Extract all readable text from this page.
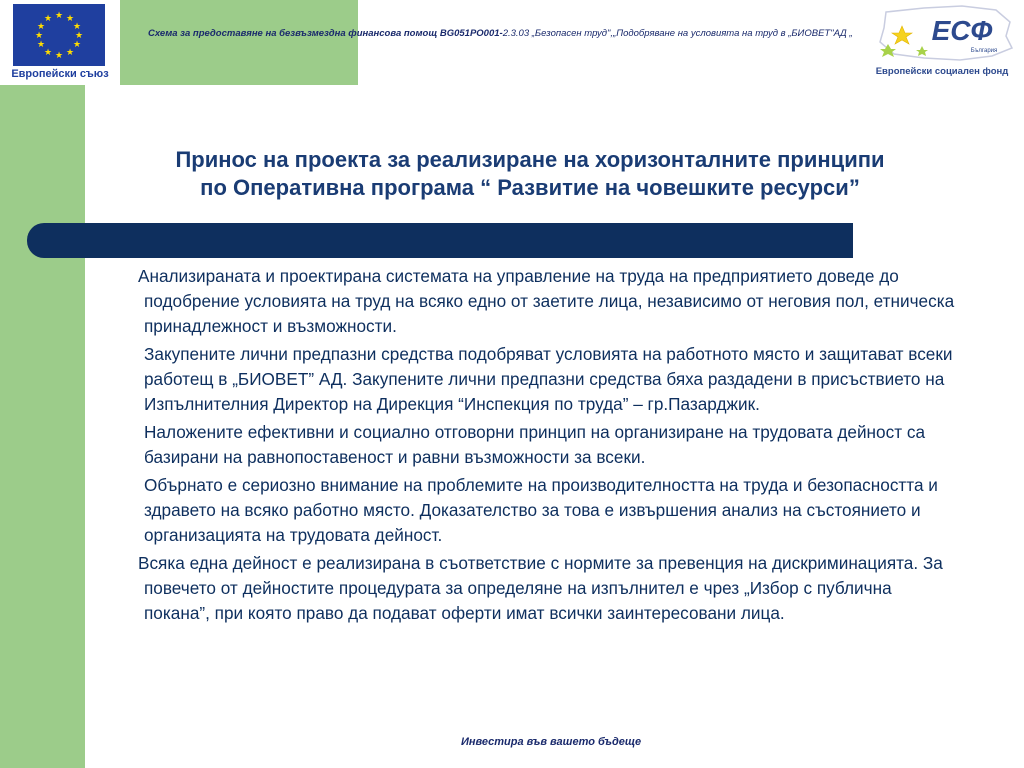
★ ★
★
★
★
★
★
★
★
★
★
★
Европейски съюз
Схема за предоставяне на безвъзмездна финансова помощ BG051PO001-2.3.03 „Безопасен труд",„Подобряване на условията на труд в „БИОВЕТ"АД „	ЕСФ
България
Европейски социален фонд
Принос на проекта за реализиране на хоризонталните принципи
по Оперативна програма “ Развитие на човешките ресурси”

Анализираната и проектирана системата на управление на труда на предприятието доведе до подобрение условията на труд на всяко едно от заетите лица, независимо от неговия пол, етническа принадлежност и възможности.

Закупените лични предпазни средства подобряват условията на работното място и защитават всеки работещ в „БИОВЕТ” АД. Закупените лични предпазни средства бяха раздадени в присъствието на Изпълнителния Директор на Дирекция “Инспекция по труда” – гр.Пазарджик.

Наложените ефективни и социално отговорни принцип на организиране на трудовата дейност са базирани на равнопоставеност и равни възможности за всеки.

Обърнато е сериозно внимание на проблемите на производителността на труда и безопасността и здравето на всяко работно място. Доказателство за това е извършения анализ на състоянието и организацията на трудовата дейност.

Всяка една дейност е реализирана в съответствие с нормите за превенция на дискриминацията. За повечето от дейностите процедурата за определяне на изпълнител е чрез „Избор с публична покана”, при която право да подават оферти имат всички заинтересовани лица.

Инвестира във вашето бъдеще
